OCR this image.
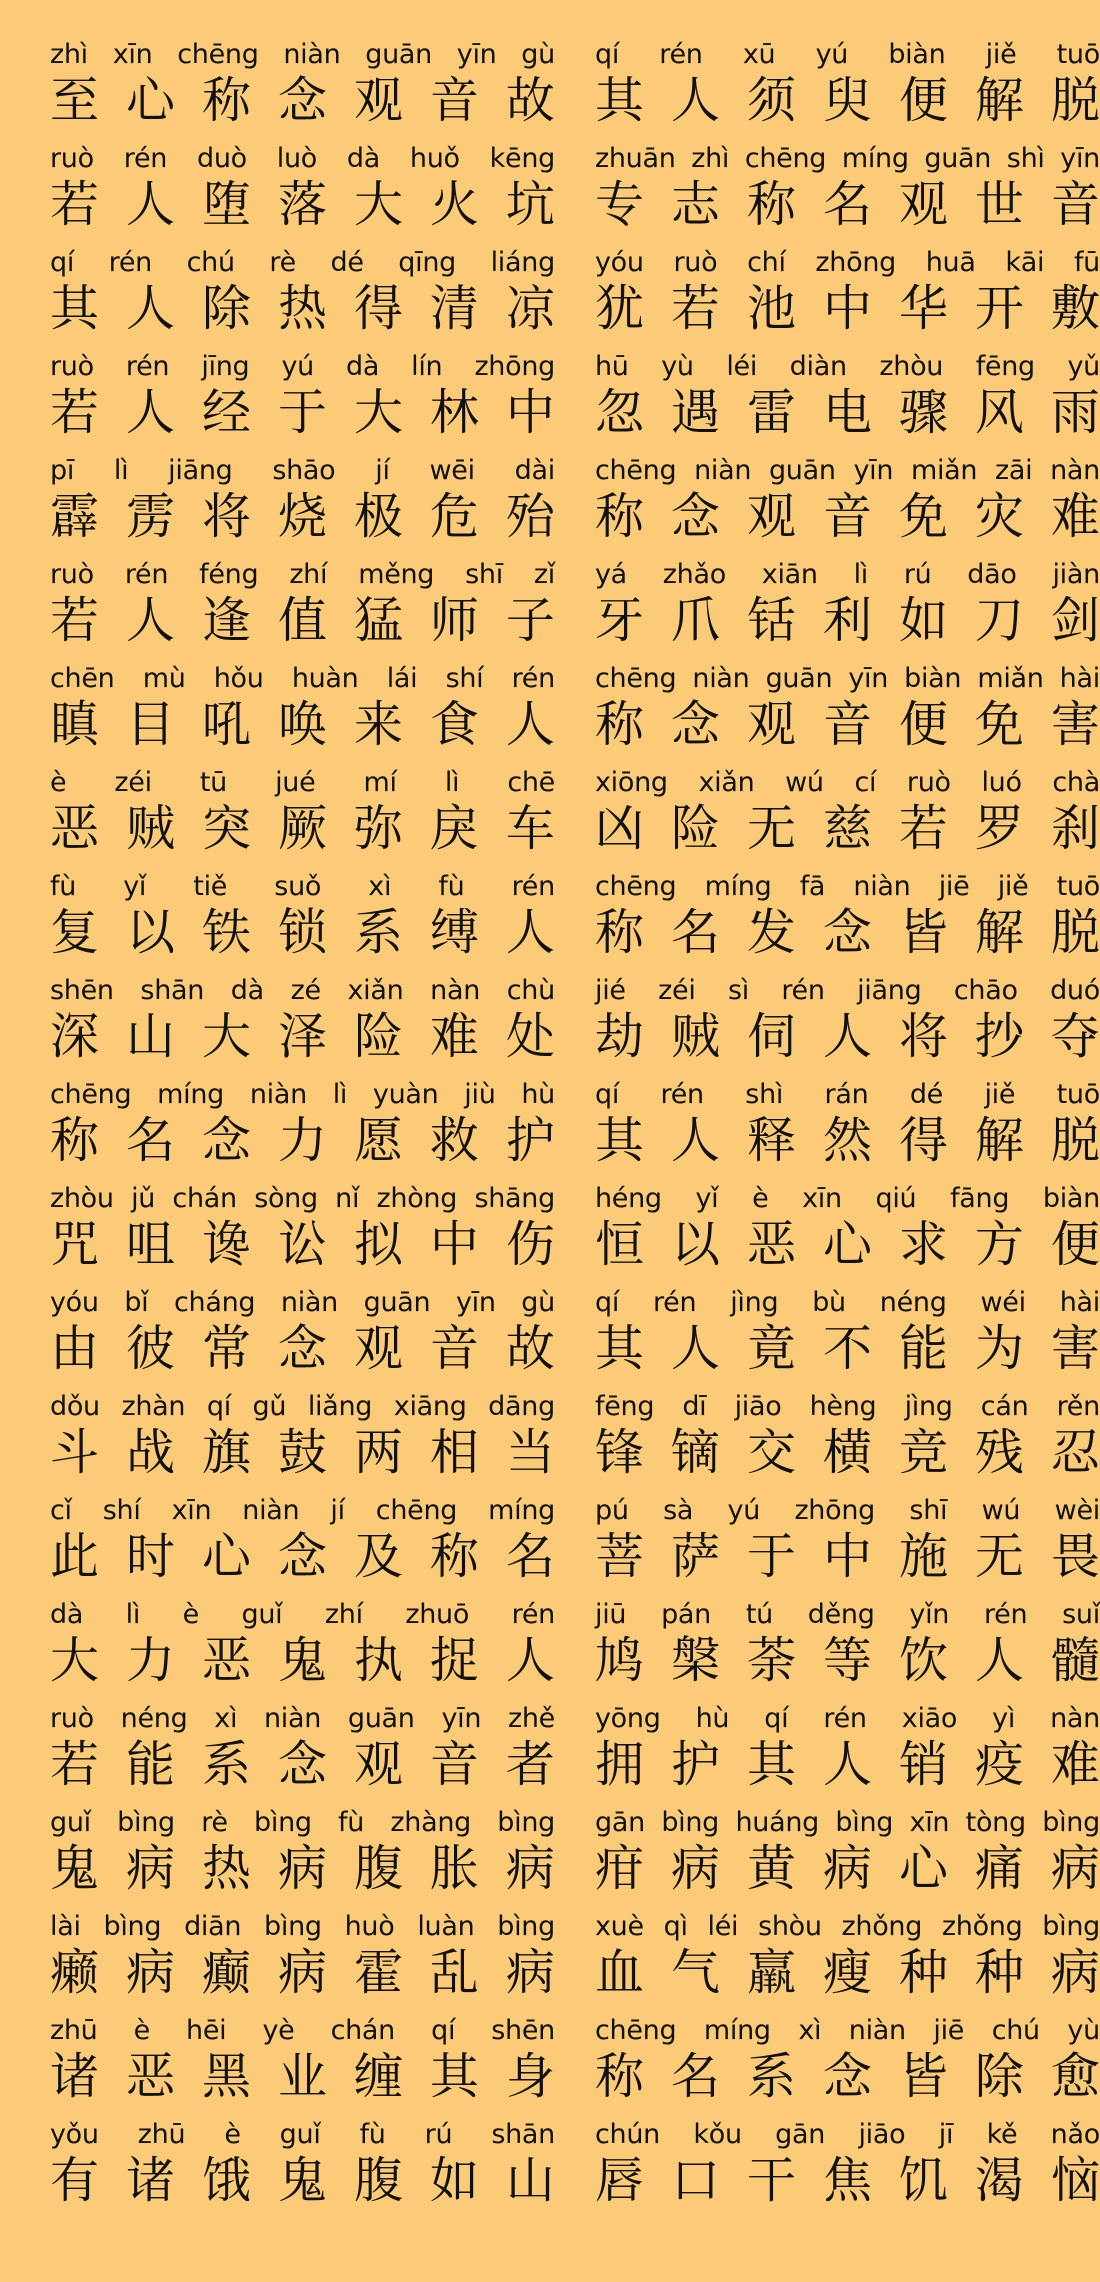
zhì xīn chēng niàn guān yīn gù
至 心 称 念 观 音 故
qí rén xū yú biàn jiě tuō
其 人 须 臾 便 解 脱
ruò rén duò luò dà huǒ kēng
若 人 堕 落 大 火 坑
zhuān zhì chēng míng guān shì yīn
专 志 称 名 观 世 音
qí rén chú rè dé qīng liáng
其 人 除 热 得 清 凉
yóu ruò chí zhōng huā kāi fū
犹 若 池 中 华 开 敷
ruò rén jīng yú dà lín zhōng
若 人 经 于 大 林 中
hū yù léi diàn zhòu fēng yǔ
忽 遇 雷 电 骤 风 雨
pī lì jiāng shāo jí wēi dài
霹 雳 将 烧 极 危 殆
chēng niàn guān yīn miǎn zāi nàn
称 念 观 音 免 灾 难
ruò rén féng zhí měng shī zǐ
若 人 逢 值 猛 师 子
yá zhǎo xiān lì rú dāo jiàn
牙 爪 铦 利 如 刀 剑
chēn mù hǒu huàn lái shí rén
瞋 目 吼 唤 来 食 人
chēng niàn guān yīn biàn miǎn hài
称 念 观 音 便 免 害
è zéi tū jué mí lì chē
恶 贼 突 厥 弥 戾 车
xiōng xiǎn wú cí ruò luó chà
凶 险 无 慈 若 罗 刹
fù yǐ tiě suǒ xì fù rén
复 以 铁 锁 系 缚 人
chēng míng fā niàn jiē jiě tuō
称 名 发 念 皆 解 脱
shēn shān dà zé xiǎn nàn chù
深 山 大 泽 险 难 处
jié zéi sì rén jiāng chāo duó
劫 贼 伺 人 将 抄 夺
chēng míng niàn lì yuàn jiù hù
称 名 念 力 愿 救 护
qí rén shì rán dé jiě tuō
其 人 释 然 得 解 脱
zhòu jǔ chán sòng nǐ zhòng shāng
咒 咀 谗 讼 拟 中 伤
héng yǐ è xīn qiú fāng biàn
恒 以 恶 心 求 方 便
yóu bǐ cháng niàn guān yīn gù
由 彼 常 念 观 音 故
qí rén jìng bù néng wéi hài
其 人 竟 不 能 为 害
dǒu zhàn qí gǔ liǎng xiāng dāng
斗 战 旗 鼓 两 相 当
fēng dī jiāo hèng jìng cán rěn
锋 镝 交 横 竞 残 忍
cǐ shí xīn niàn jí chēng míng
此 时 心 念 及 称 名
pú sà yú zhōng shī wú wèi
菩 萨 于 中 施 无 畏
dà lì è guǐ zhí zhuō rén
大 力 恶 鬼 执 捉 人
jiū pán tú děng yǐn rén suǐ
鸠 槃 荼 等 饮 人 髓
ruò néng xì niàn guān yīn zhě
若 能 系 念 观 音 者
yōng hù qí rén xiāo yì nàn
拥 护 其 人 销 疫 难
guǐ bìng rè bìng fù zhàng bìng
鬼 病 热 病 腹 胀 病
gān bìng huáng bìng xīn tòng bìng
疳 病 黄 病 心 痛 病
lài bìng diān bìng huò luàn bìng
癞 病 癫 病 霍 乱 病
xuè qì léi shòu zhǒng zhǒng bìng
血 气 羸 瘦 种 种 病
zhū è hēi yè chán qí shēn
诸 恶 黑 业 缠 其 身
chēng míng xì niàn jiē chú yù
称 名 系 念 皆 除 愈
yǒu zhū è guǐ fù rú shān
有 诸 饿 鬼 腹 如 山
chún kǒu gān jiāo jī kě nǎo
唇 口 干 焦 饥 渴 恼
